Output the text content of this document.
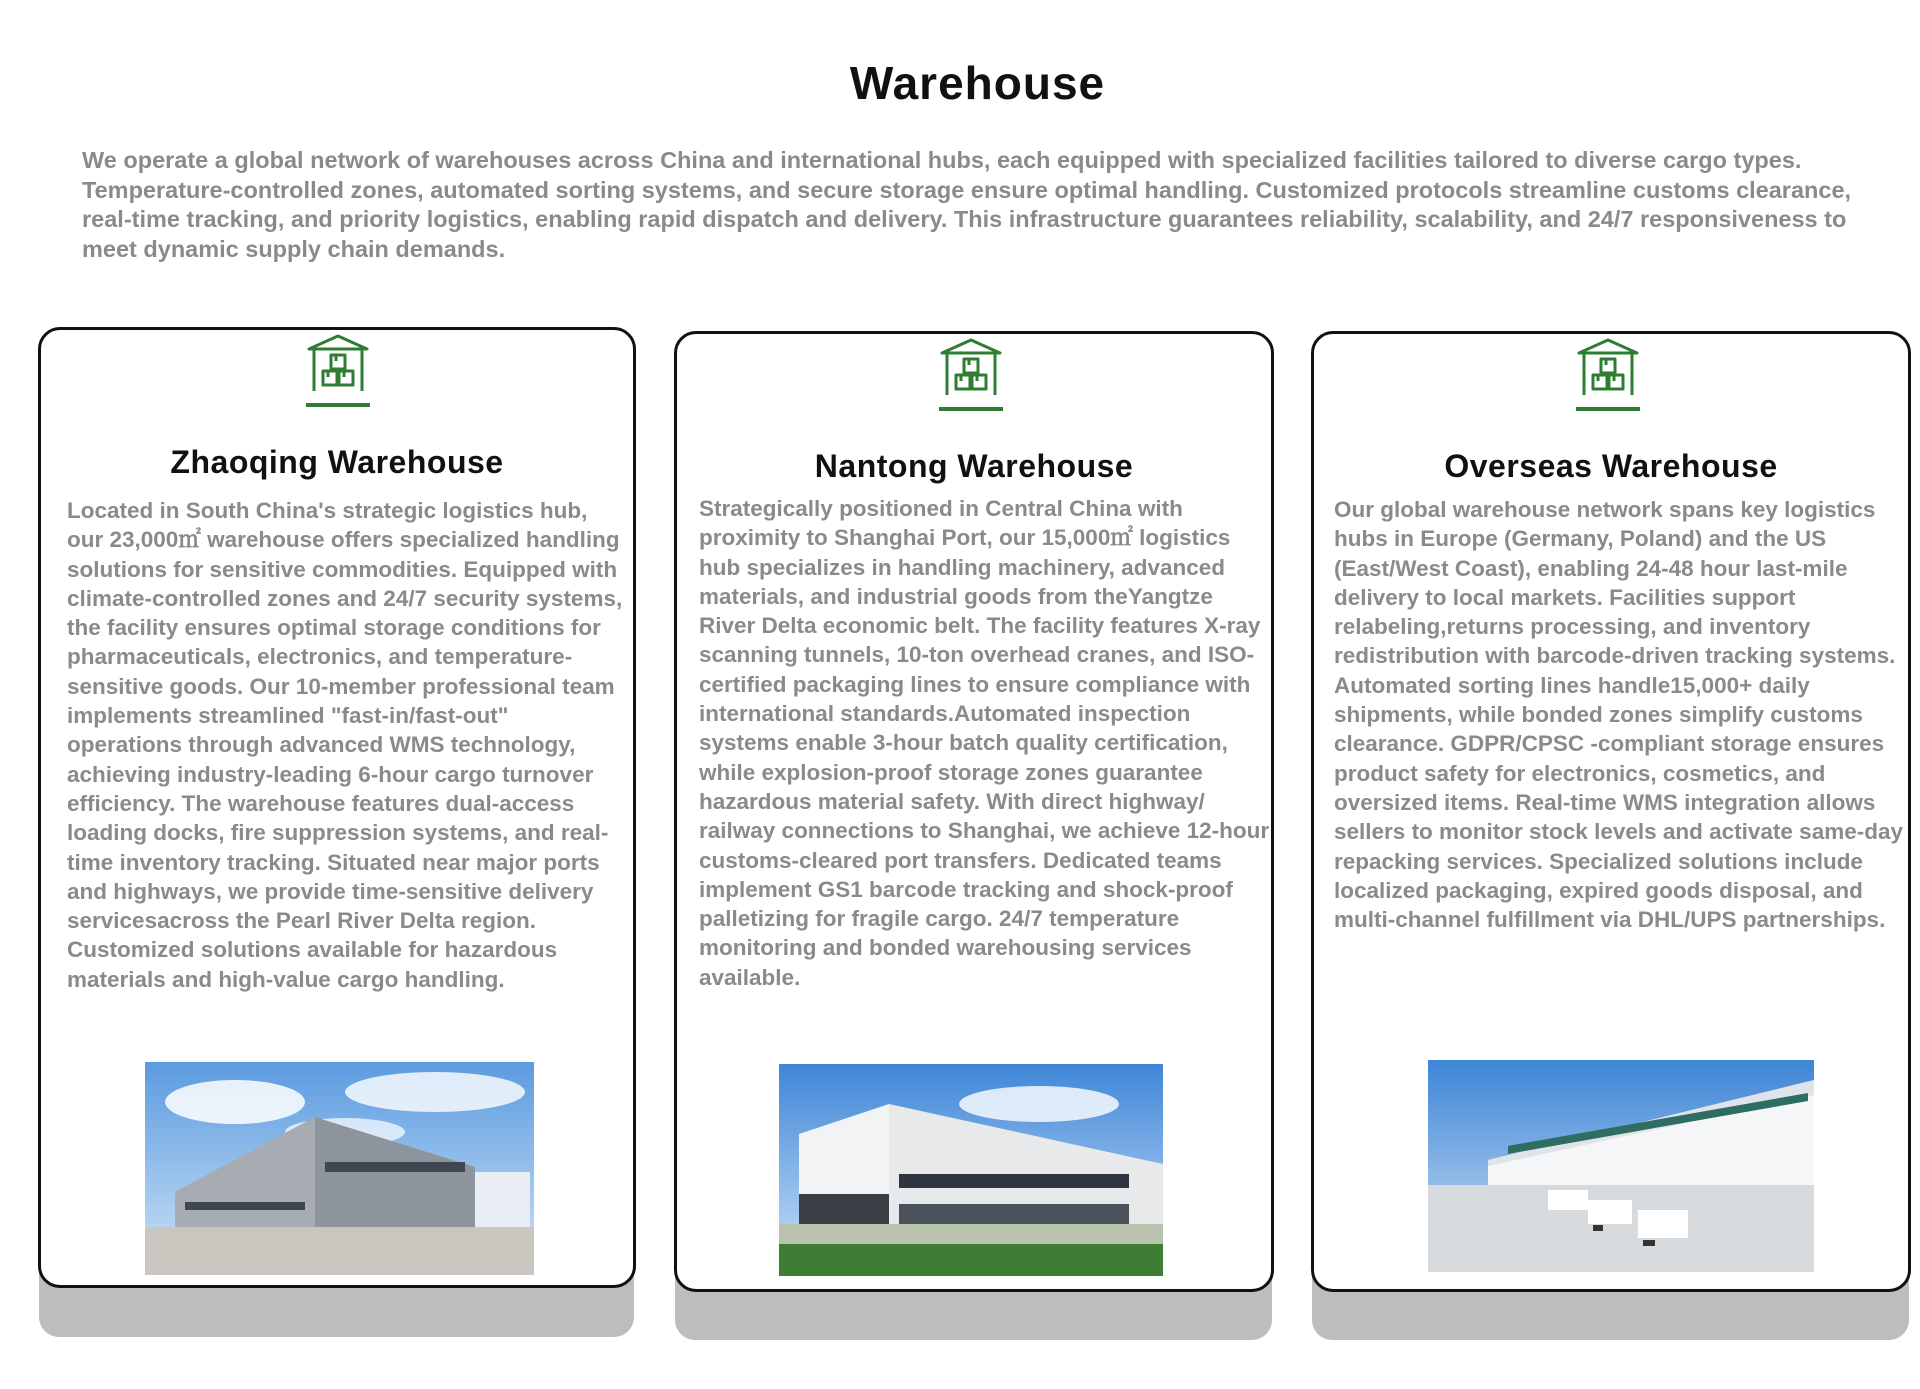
Warehouse

We operate a global network of warehouses across China and international hubs, each equipped with specialized facilities tailored to diverse cargo types. Temperature-controlled zones, automated sorting systems, and secure storage ensure optimal handling. Customized protocols streamline customs clearance, real-time tracking, and priority logistics, enabling rapid dispatch and delivery. This infrastructure guarantees reliability, scalability, and 24/7 responsiveness to meet dynamic supply chain demands.

Zhaoqing Warehouse

Located in South China's strategic logistics hub, our 23,000㎡ warehouse offers specialized handling solutions for sensitive commodities. Equipped with climate-controlled zones and 24/7 security systems, the facility ensures optimal storage conditions for pharmaceuticals, electronics, and temperature-sensitive goods. Our 10-member professional team implements streamlined "fast-in/fast-out" operations through advanced WMS technology, achieving industry-leading 6-hour cargo turnover efficiency. The warehouse features dual-access loading docks, fire suppression systems, and real-time inventory tracking. Situated near major ports and highways, we provide time-sensitive delivery servicesacross the Pearl River Delta region. Customized solutions available for hazardous materials and high-value cargo handling.

Nantong Warehouse

Strategically positioned in Central China with proximity to Shanghai Port, our 15,000㎡ logistics hub specializes in handling machinery, advanced materials, and industrial goods from theYangtze River Delta economic belt. The facility features X-ray scanning tunnels, 10-ton overhead cranes, and ISO-certified packaging lines to ensure compliance with international standards.Automated inspection systems enable 3-hour batch quality certification, while explosion-proof storage zones guarantee hazardous material safety. With direct highway/ railway connections to Shanghai, we achieve 12-hour customs-cleared port transfers. Dedicated teams implement GS1 barcode tracking and shock-proof palletizing for fragile cargo. 24/7 temperature monitoring and bonded warehousing services available.

Overseas Warehouse

Our global warehouse network spans key logistics hubs in Europe (Germany, Poland) and the US (East/West Coast), enabling 24-48 hour last-mile delivery to local markets. Facilities support relabeling,returns processing, and inventory redistribution with barcode-driven tracking systems. Automated sorting lines handle15,000+ daily shipments, while bonded zones simplify customs clearance. GDPR/CPSC -compliant storage ensures product safety for electronics, cosmetics, and oversized items. Real-time WMS integration allows sellers to monitor stock levels and activate same-day repacking services. Specialized solutions include localized packaging, expired goods disposal, and multi-channel fulfillment via DHL/UPS partnerships.
